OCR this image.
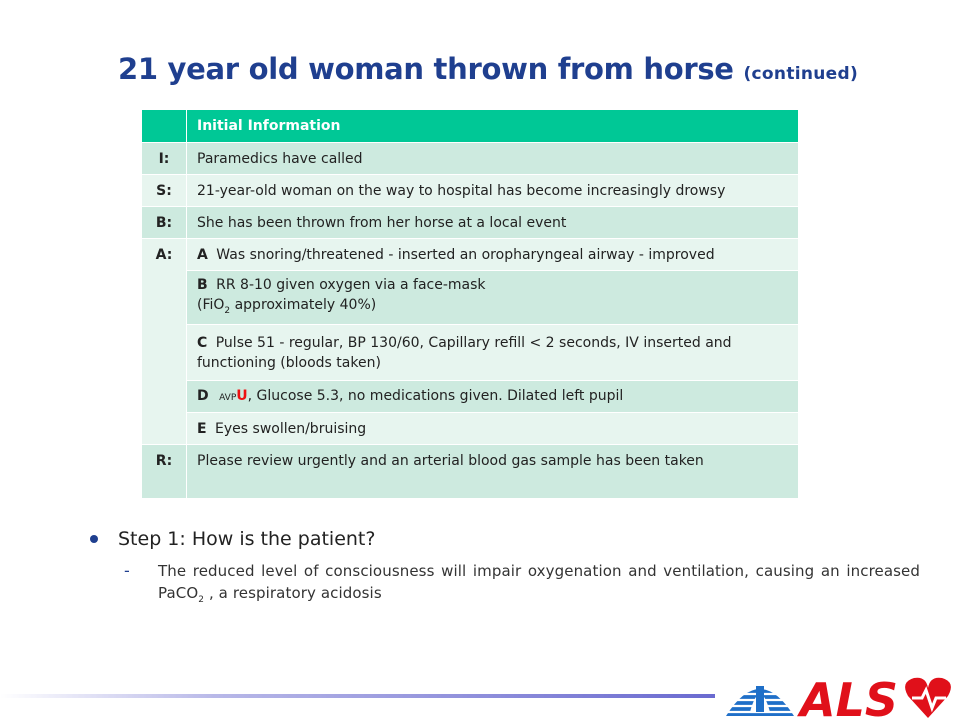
21 year old woman thrown from horse (continued)
	Initial Information
I:	Paramedics have called
S:	21-year-old woman on the way to hospital has become increasingly drowsy
B:	She has been thrown from her horse at a local event
A:	A Was snoring/threatened - inserted an oropharyngeal airway - improved
	B RR 8-10 given oxygen via a face-mask
(FiO$_2$ approximately 40%)
	C Pulse 51 - regular, BP 130/60, Capillary refill < 2 seconds, IV inserted and functioning (bloods taken)
	D AVPU, Glucose 5.3, no medications given. Dilated left pupil
	E Eyes swollen/bruising
R:	Please review urgently and an arterial blood gas sample has been taken
Step 1: How is the patient?
-	The reduced level of consciousness will impair oxygenation and ventilation, causing an increased PaCO$_2$ , a respiratory acidosis
ALS
